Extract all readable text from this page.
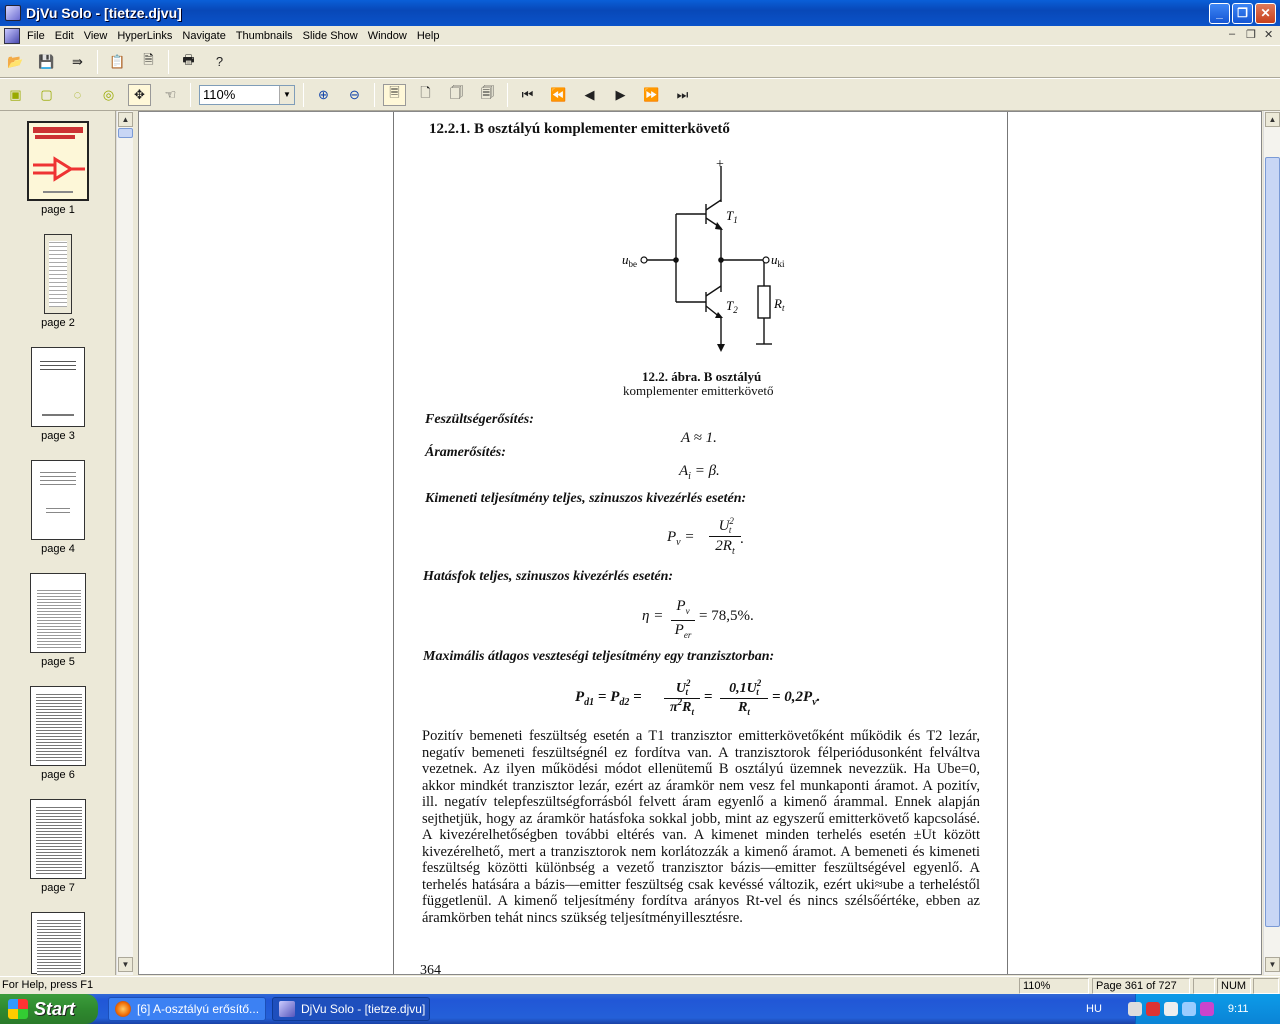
DjVu Solo - [tietze.djvu]	_	❐	✕
File Edit View HyperLinks Navigate Thumbnails Slide Show Window Help	– ❐ ✕
📂 💾	⇛	📋	🗎	🖶	?
▣	▢	◌	◎	✥	☜	110%	▼	⊕	⊖	🗏	🗋	🗍	🗐	⏮	⏪	◀	▶	⏩	⏭
page 1
page 2
page 3
page 4
page 5
page 6
page 7
▲
▼
12.2.1. B osztályú komplementer emitterkövető
+
$T_1$
$T_2$
$u_{be}$	$u_{ki}$
$R_t$
12.2. ábra. B osztályú
komplementer emitterkövető
Feszültségerősítés:
A ≈ 1.
Áramerősítés:
$A_i = \beta$.
Kimeneti teljesítmény teljes, szinuszos kivezérlés esetén:
$P_v$ =
$U^2_t$
$2R_t$
.
Hatásfok teljes, szinuszos kivezérlés esetén:
η =
$P_v$
$P_{er}$
= 78,5%.
Maximális átlagos veszteségi teljesítmény egy tranzisztorban:
$P_{d1} = P_{d2}$ =
$U^2_t$
$\pi^2R_t$
=
$0,1U^2_t$
$R_t$
= $0,2P_v$.
Pozitív bemeneti feszültség esetén a T1 tranzisztor emitterkövetőként működik és T2 lezár, negatív bemeneti feszültségnél ez fordítva van. A tranzisztorok félperiódusonként felváltva vezetnek. Az ilyen működési módot ellenütemű B osztályú üzemnek nevezzük. Ha Ube=0, akkor mindkét tranzisztor lezár, ezért az áramkör nem vesz fel munkaponti áramot. A pozitív, ill. negatív telepfeszültségforrásból felvett áram egyenlő a kimenő árammal. Ennek alapján sejthetjük, hogy az áramkör hatásfoka sokkal jobb, mint az egyszerű emitterkövető kapcsolásé. A kivezérelhetőségben további eltérés van. A kimenet minden terhelés esetén ±Ut között kivezérelhető, mert a tranzisztorok nem korlátozzák a kimenő áramot. A bemeneti és kimeneti feszültség közötti különbség a vezető tranzisztor bázis—emitter feszültségével egyenlő. A terhelés hatására a bázis—emitter feszültség csak kevéssé változik, ezért uki≈ube a terheléstől függetlenül. A kimenő teljesítmény fordítva arányos Rt-vel és nincs szélsőértéke, ebben az áramkörben tehát nincs szükség teljesítményillesztésre.
364
▲
▼
For Help, press F1	110%	Page 361 of 727	NUM
Start	[6] A-osztályú erősítő...	DjVu Solo - [tietze.djvu]	HU	9:11
